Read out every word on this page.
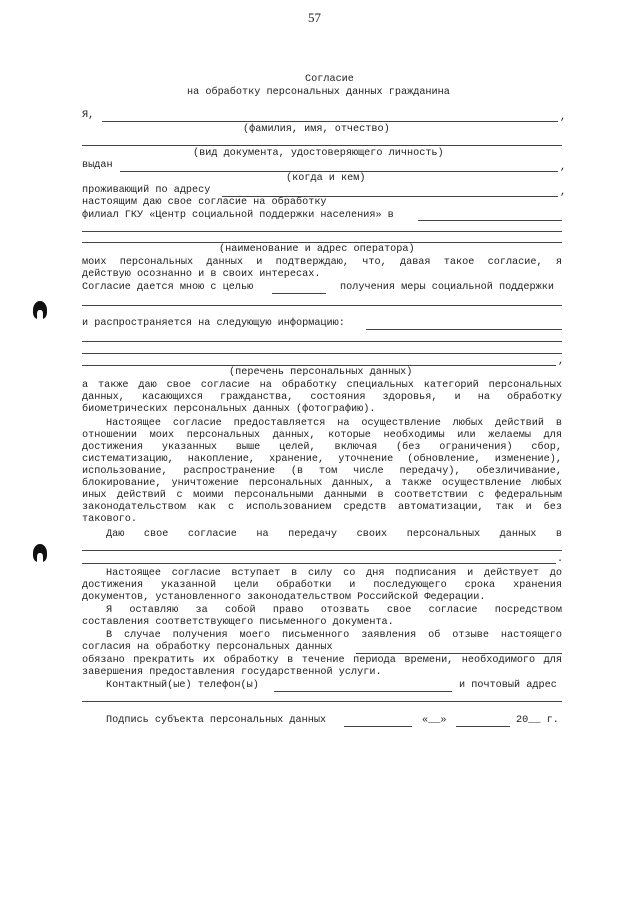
57
Согласие
на обработку персональных данных гражданина
Я,	,
(фамилия, имя, отчество)
(вид документа, удостоверяющего личность)
выдан	,
(когда и кем)
проживающий по адресу	,
настоящим даю свое согласие на обработку
филиал ГКУ «Центр социальной поддержки населения» в
(наименование и адрес оператора)
моих персональных данных и подтверждаю, что, давая такое согласие, я
действую осознанно и в своих интересах.
Согласие дается мною с целью	получения меры социальной поддержки
и распространяется на следующую информацию:
,
(перечень персональных данных)
а также даю свое согласие на обработку специальных категорий персональных
данных, касающихся гражданства, состояния здоровья, и на обработку
биометрических персональных данных (фотографию).
Настоящее согласие предоставляется на осуществление любых действий в
отношении моих персональных данных, которые необходимы или желаемы для
достижения указанных выше целей, включая (без ограничения) сбор,
систематизацию, накопление, хранение, уточнение (обновление, изменение),
использование, распространение (в том числе передачу), обезличивание,
блокирование, уничтожение персональных данных, а также осуществление любых
иных действий с моими персональными данными в соответствии с федеральным
законодательством как с использованием средств автоматизации, так и без
такового.
Даю свое согласие на передачу своих персональных данных в
.
Настоящее согласие вступает в силу со дня подписания и действует до
достижения указанной цели обработки и последующего срока хранения
документов, установленного законодательством Российской Федерации.
Я оставляю за собой право отозвать свое согласие посредством
составления соответствующего письменного документа.
В случае получения моего письменного заявления об отзыве настоящего
согласия на обработку персональных данных
обязано прекратить их обработку в течение периода времени, необходимого для
завершения предоставления государственной услуги.
Контактный(ые) телефон(ы)	и почтовый адрес
Подпись субъекта персональных данных	«__»	20__ г.
